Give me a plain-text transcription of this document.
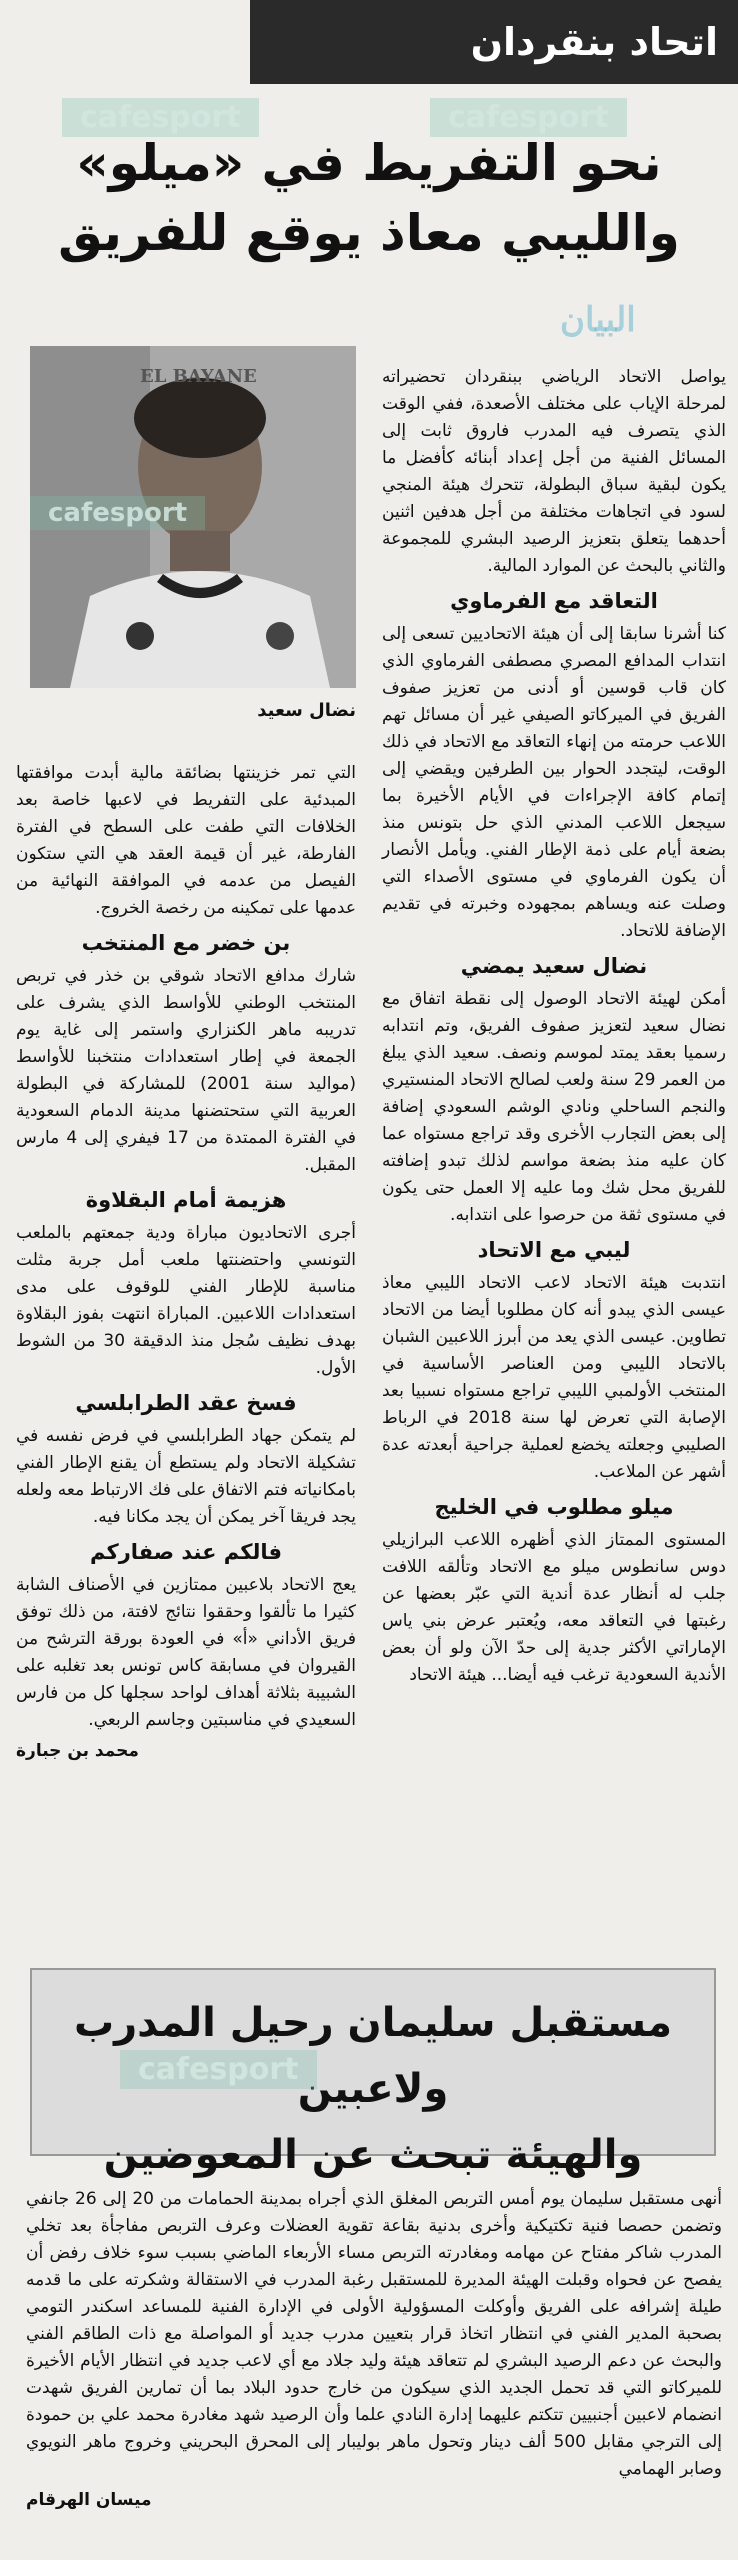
اتحاد بنقردان
cafesport	cafesport
البيان
نحو التفريط في «ميلو»
والليبي معاذ يوقع للفريق
cafesport
EL BAYANE
نضال سعيد

يواصل الاتحاد الرياضي ببنقردان تحضيراته لمرحلة الإياب على مختلف الأصعدة، ففي الوقت الذي يتصرف فيه المدرب فاروق ثابت إلى المسائل الفنية من أجل إعداد أبنائه كأفضل ما يكون لبقية سباق البطولة، تتحرك هيئة المنجي لسود في اتجاهات مختلفة من أجل هدفين اثنين أحدهما يتعلق بتعزيز الرصيد البشري للمجموعة والثاني بالبحث عن الموارد المالية.

التعاقد مع الفرماوي

كنا أشرنا سابقا إلى أن هيئة الاتحاديين تسعى إلى انتداب المدافع المصري مصطفى الفرماوي الذي كان قاب قوسين أو أدنى من تعزيز صفوف الفريق في الميركاتو الصيفي غير أن مسائل تهم اللاعب حرمته من إنهاء التعاقد مع الاتحاد في ذلك الوقت، ليتجدد الحوار بين الطرفين ويقضي إلى إتمام كافة الإجراءات في الأيام الأخيرة بما سيجعل اللاعب المدني الذي حل بتونس منذ بضعة أيام على ذمة الإطار الفني. ويأمل الأنصار أن يكون الفرماوي في مستوى الأصداء التي وصلت عنه ويساهم بمجهوده وخبرته في تقديم الإضافة للاتحاد.

نضال سعيد يمضي

أمكن لهيئة الاتحاد الوصول إلى نقطة اتفاق مع نضال سعيد لتعزيز صفوف الفريق، وتم انتدابه رسميا بعقد يمتد لموسم ونصف. سعيد الذي يبلغ من العمر 29 سنة ولعب لصالح الاتحاد المنستيري والنجم الساحلي ونادي الوشم السعودي إضافة إلى بعض التجارب الأخرى وقد تراجع مستواه عما كان عليه منذ بضعة مواسم لذلك تبدو إضافته للفريق محل شك وما عليه إلا العمل حتى يكون في مستوى ثقة من حرصوا على انتدابه.

ليبي مع الاتحاد

انتدبت هيئة الاتحاد لاعب الاتحاد الليبي معاذ عيسى الذي يبدو أنه كان مطلوبا أيضا من الاتحاد تطاوين. عيسى الذي يعد من أبرز اللاعبين الشبان بالاتحاد الليبي ومن العناصر الأساسية في المنتخب الأولمبي الليبي تراجع مستواه نسبيا بعد الإصابة التي تعرض لها سنة 2018 في الرباط الصليبي وجعلته يخضع لعملية جراحية أبعدته عدة أشهر عن الملاعب.

ميلو مطلوب في الخليج

المستوى الممتاز الذي أظهره اللاعب البرازيلي دوس سانطوس ميلو مع الاتحاد وتألقه اللافت جلب له أنظار عدة أندية التي عبّر بعضها عن رغبتها في التعاقد معه، ويُعتبر عرض بني ياس الإماراتي الأكثر جدية إلى حدّ الآن ولو أن بعض الأندية السعودية ترغب فيه أيضا... هيئة الاتحاد

التي تمر خزينتها بضائقة مالية أبدت موافقتها المبدئية على التفريط في لاعبها خاصة بعد الخلافات التي طفت على السطح في الفترة الفارطة، غير أن قيمة العقد هي التي ستكون الفيصل من عدمه في الموافقة النهائية من عدمها على تمكينه من رخصة الخروج.

بن خضر مع المنتخب

شارك مدافع الاتحاد شوقي بن خذر في تربص المنتخب الوطني للأواسط الذي يشرف على تدريبه ماهر الكنزاري واستمر إلى غاية يوم الجمعة في إطار استعدادات منتخبنا للأواسط (مواليد سنة 2001) للمشاركة في البطولة العربية التي ستحتضنها مدينة الدمام السعودية في الفترة الممتدة من 17 فيفري إلى 4 مارس المقبل.

هزيمة أمام البقلاوة

أجرى الاتحاديون مباراة ودية جمعتهم بالملعب التونسي واحتضنتها ملعب أمل جربة مثلت مناسبة للإطار الفني للوقوف على مدى استعدادات اللاعبين. المباراة انتهت بفوز البقلاوة بهدف نظيف سُجل منذ الدقيقة 30 من الشوط الأول.

فسخ عقد الطرابلسي

لم يتمكن جهاد الطرابلسي في فرض نفسه في تشكيلة الاتحاد ولم يستطع أن يقنع الإطار الفني بامكانياته فتم الاتفاق على فك الارتباط معه ولعله يجد فريقا آخر يمكن أن يجد مكانا فيه.

فالكم عند صفاركم

يعج الاتحاد بلاعبين ممتازين في الأصناف الشابة كثيرا ما تألقوا وحققوا نتائج لافتة، من ذلك توفق فريق الأداني «أ» في العودة بورقة الترشح من القيروان في مسابقة كاس تونس بعد تغلبه على الشبيبة بثلاثة أهداف لواحد سجلها كل من فارس السعيدي في مناسبتين وجاسم الربعي.

محمد بن جبارة
مستقبل سليمان رحيل المدرب ولاعبين
والهيئة تبحث عن المعوضين
cafesport

أنهى مستقبل سليمان يوم أمس التربص المغلق الذي أجراه بمدينة الحمامات من 20 إلى 26 جانفي وتضمن حصصا فنية تكتيكية وأخرى بدنية بقاعة تقوية العضلات وعرف التربص مفاجأة بعد تخلي المدرب شاكر مفتاح عن مهامه ومغادرته التربص مساء الأربعاء الماضي بسبب سوء خلاف رفض أن يفصح عن فحواه وقبلت الهيئة المديرة للمستقبل رغبة المدرب في الاستقالة وشكرته على ما قدمه طيلة إشرافه على الفريق وأوكلت المسؤولية الأولى في الإدارة الفنية للمساعد اسكندر التومي بصحبة المدير الفني في انتظار اتخاذ قرار بتعيين مدرب جديد أو المواصلة مع ذات الطاقم الفني والبحث عن دعم الرصيد البشري لم تتعاقد هيئة وليد جلاد مع أي لاعب جديد في انتظار الأيام الأخيرة للميركاتو التي قد تحمل الجديد الذي سيكون من خارج حدود البلاد بما أن تمارين الفريق شهدت انضمام لاعبين أجنبيين تتكتم عليهما إدارة النادي علما وأن الرصيد شهد مغادرة محمد علي بن حمودة إلى الترجي مقابل 500 ألف دينار وتحول ماهر بوليبار إلى المحرق البحريني وخروج ماهر النويوي وصابر الهمامي

ميسان الهرقام
